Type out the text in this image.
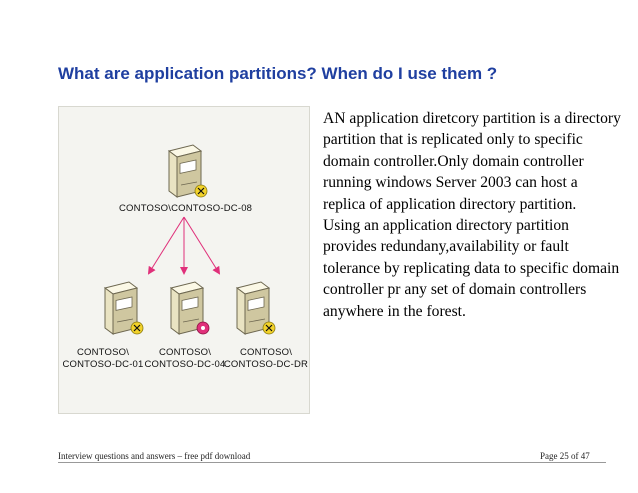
What are application partitions? When do I use them ?
CONTOSO\CONTOSO-DC-08
CONTOSO\
CONTOSO-DC-01
CONTOSO\
CONTOSO-DC-04
CONTOSO\
CONTOSO-DC-DR

AN application diretcory partition is a directory partition that is replicated only to specific domain controller.Only domain controller running windows Server 2003 can host a replica of application directory partition.

Using an application directory partition provides redundany,availability or fault tolerance by replicating data to specific domain controller pr any set of domain controllers anywhere in the forest.

Interview questions and answers – free pdf download	Page 25 of 47
